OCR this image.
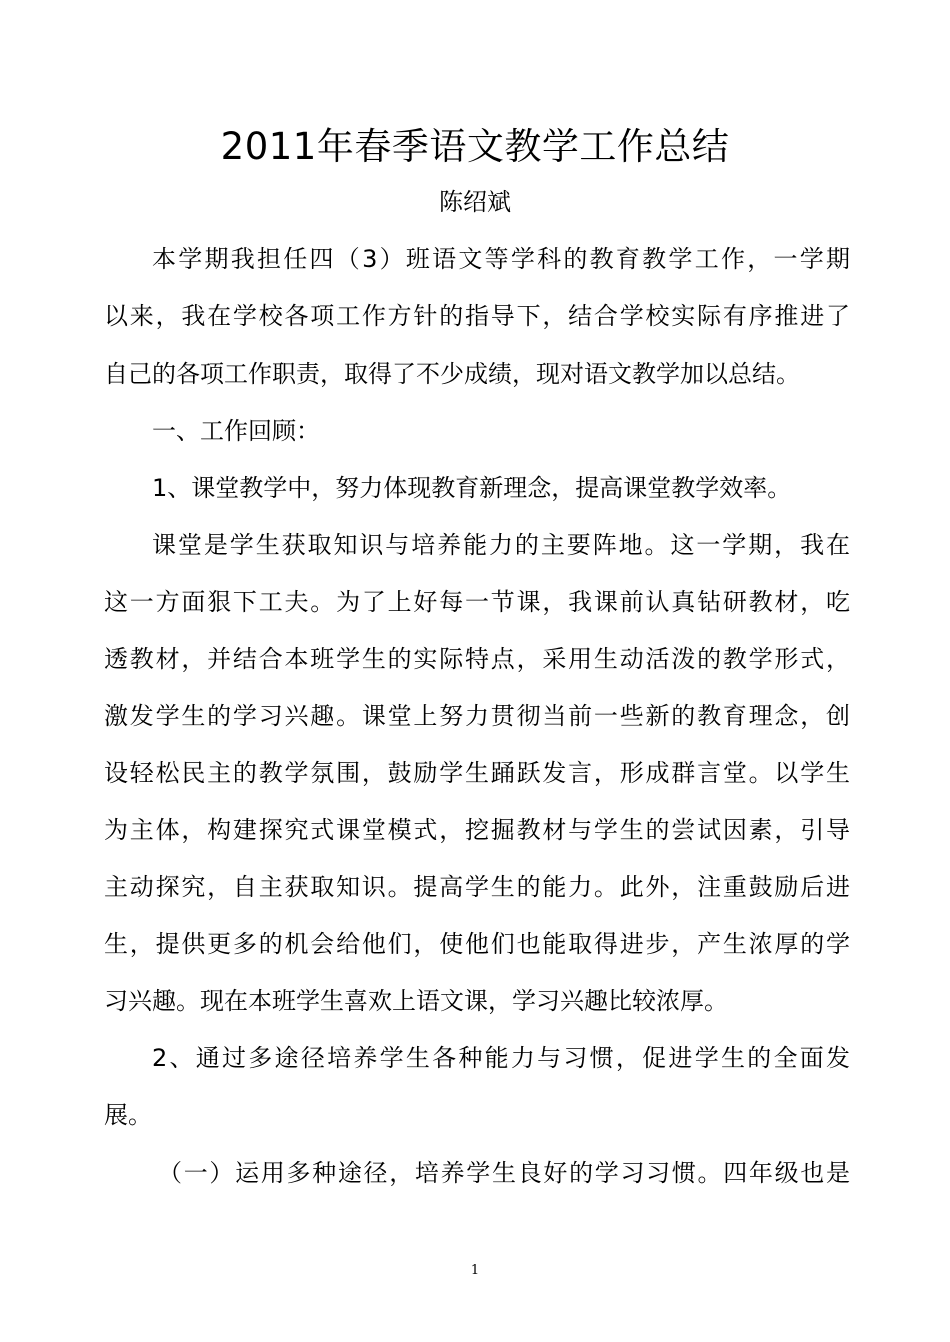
2011年春季语文教学工作总结
陈绍斌
本学期我担任四（3）班语文等学科的教育教学工作，一学期
以来，我在学校各项工作方针的指导下，结合学校实际有序推进了
自己的各项工作职责，取得了不少成绩，现对语文教学加以总结。
一、工作回顾：
1、课堂教学中，努力体现教育新理念，提高课堂教学效率。
课堂是学生获取知识与培养能力的主要阵地。这一学期，我在
这一方面狠下工夫。为了上好每一节课，我课前认真钻研教材，吃
透教材，并结合本班学生的实际特点，采用生动活泼的教学形式，
激发学生的学习兴趣。课堂上努力贯彻当前一些新的教育理念，创
设轻松民主的教学氛围，鼓励学生踊跃发言，形成群言堂。以学生
为主体，构建探究式课堂模式，挖掘教材与学生的尝试因素，引导
主动探究，自主获取知识。提高学生的能力。此外，注重鼓励后进
生，提供更多的机会给他们，使他们也能取得进步，产生浓厚的学
习兴趣。现在本班学生喜欢上语文课，学习兴趣比较浓厚。
2、通过多途径培养学生各种能力与习惯，促进学生的全面发
展。
（一）运用多种途径，培养学生良好的学习习惯。四年级也是
1
